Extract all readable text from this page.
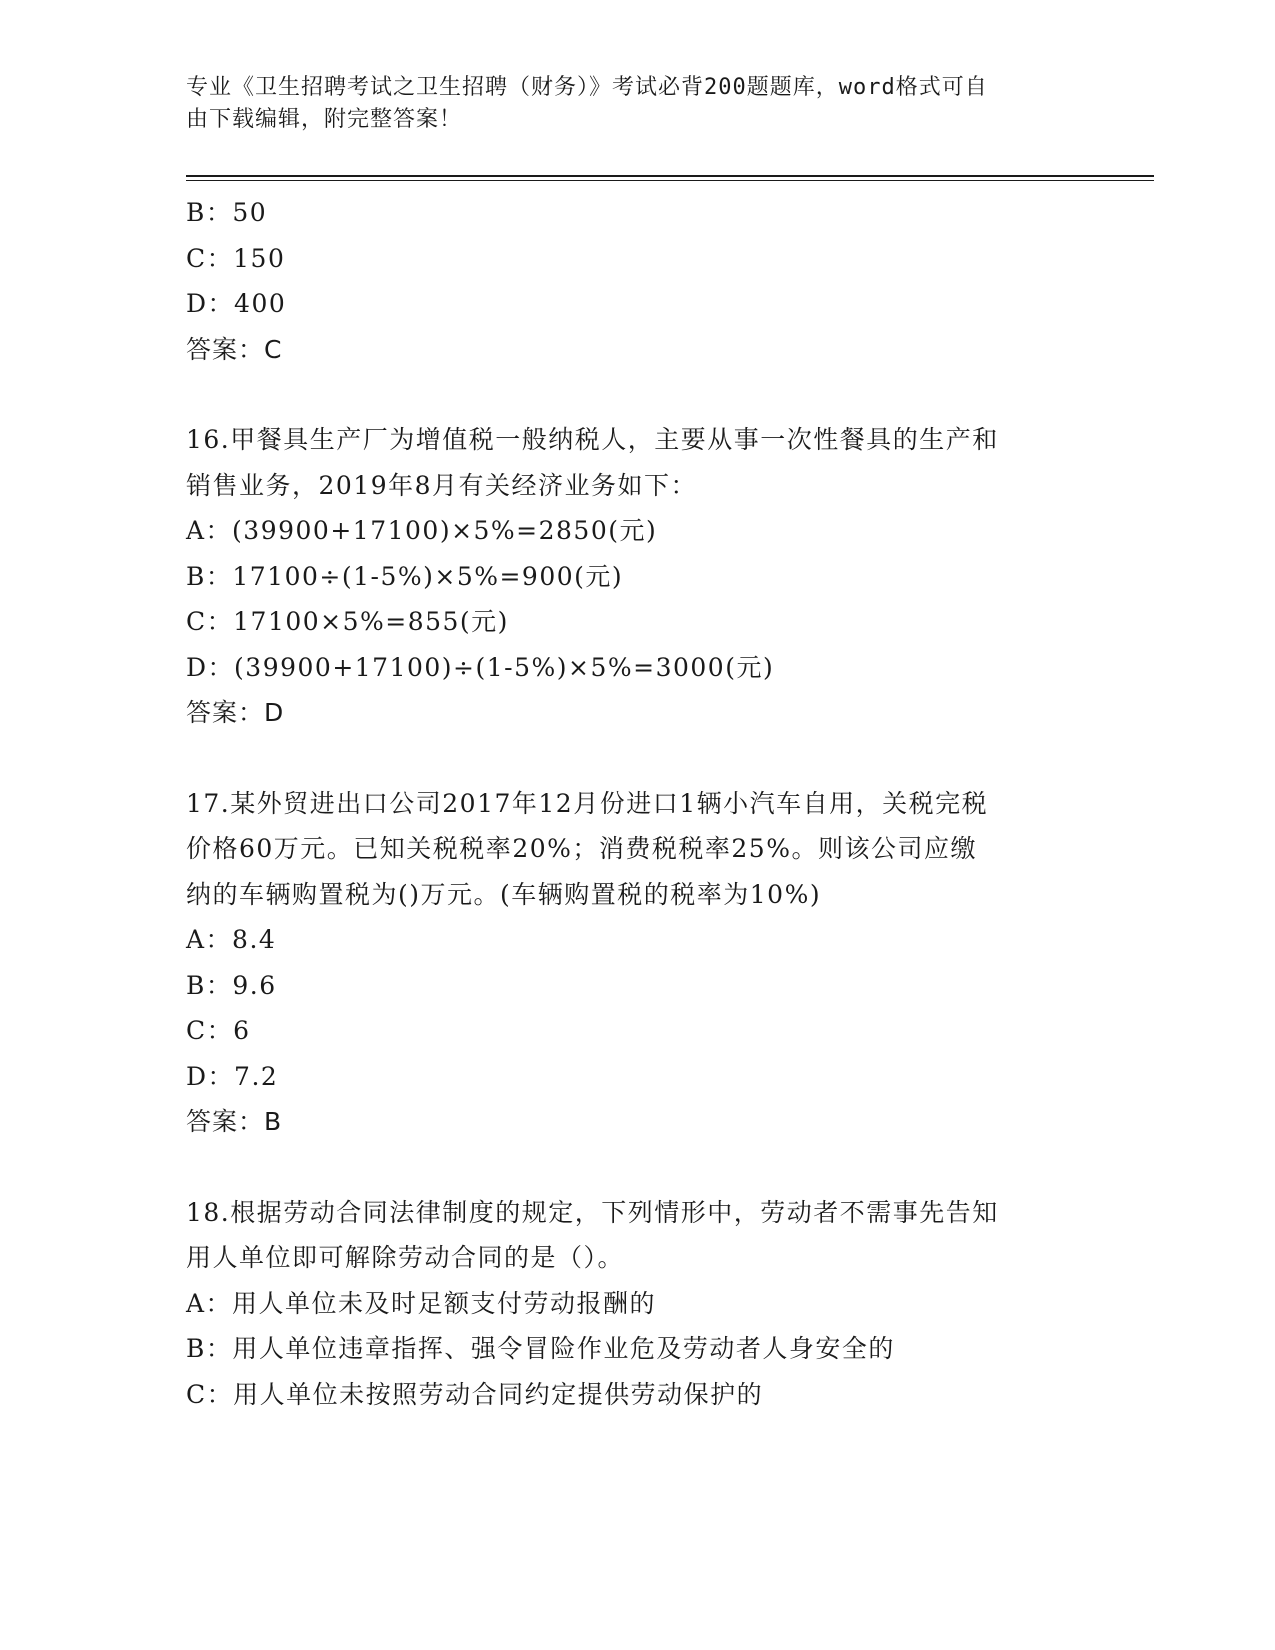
专业《卫生招聘考试之卫生招聘（财务）》考试必背200题题库，word格式可自
由下载编辑，附完整答案！
B：50
C：150
D：400
答案：C
16.甲餐具生产厂为增值税一般纳税人，主要从事一次性餐具的生产和
销售业务，2019年8月有关经济业务如下：
A：(39900+17100)×5%=2850(元)
B：17100÷(1-5%)×5%=900(元)
C：17100×5%=855(元)
D：(39900+17100)÷(1-5%)×5%=3000(元)
答案：D
17.某外贸进出口公司2017年12月份进口1辆小汽车自用，关税完税
价格60万元。已知关税税率20%；消费税税率25%。则该公司应缴
纳的车辆购置税为()万元。(车辆购置税的税率为10%)
A：8.4
B：9.6
C：6
D：7.2
答案：B
18.根据劳动合同法律制度的规定，下列情形中，劳动者不需事先告知
用人单位即可解除劳动合同的是（）。
A：用人单位未及时足额支付劳动报酬的
B：用人单位违章指挥、强令冒险作业危及劳动者人身安全的
C：用人单位未按照劳动合同约定提供劳动保护的
